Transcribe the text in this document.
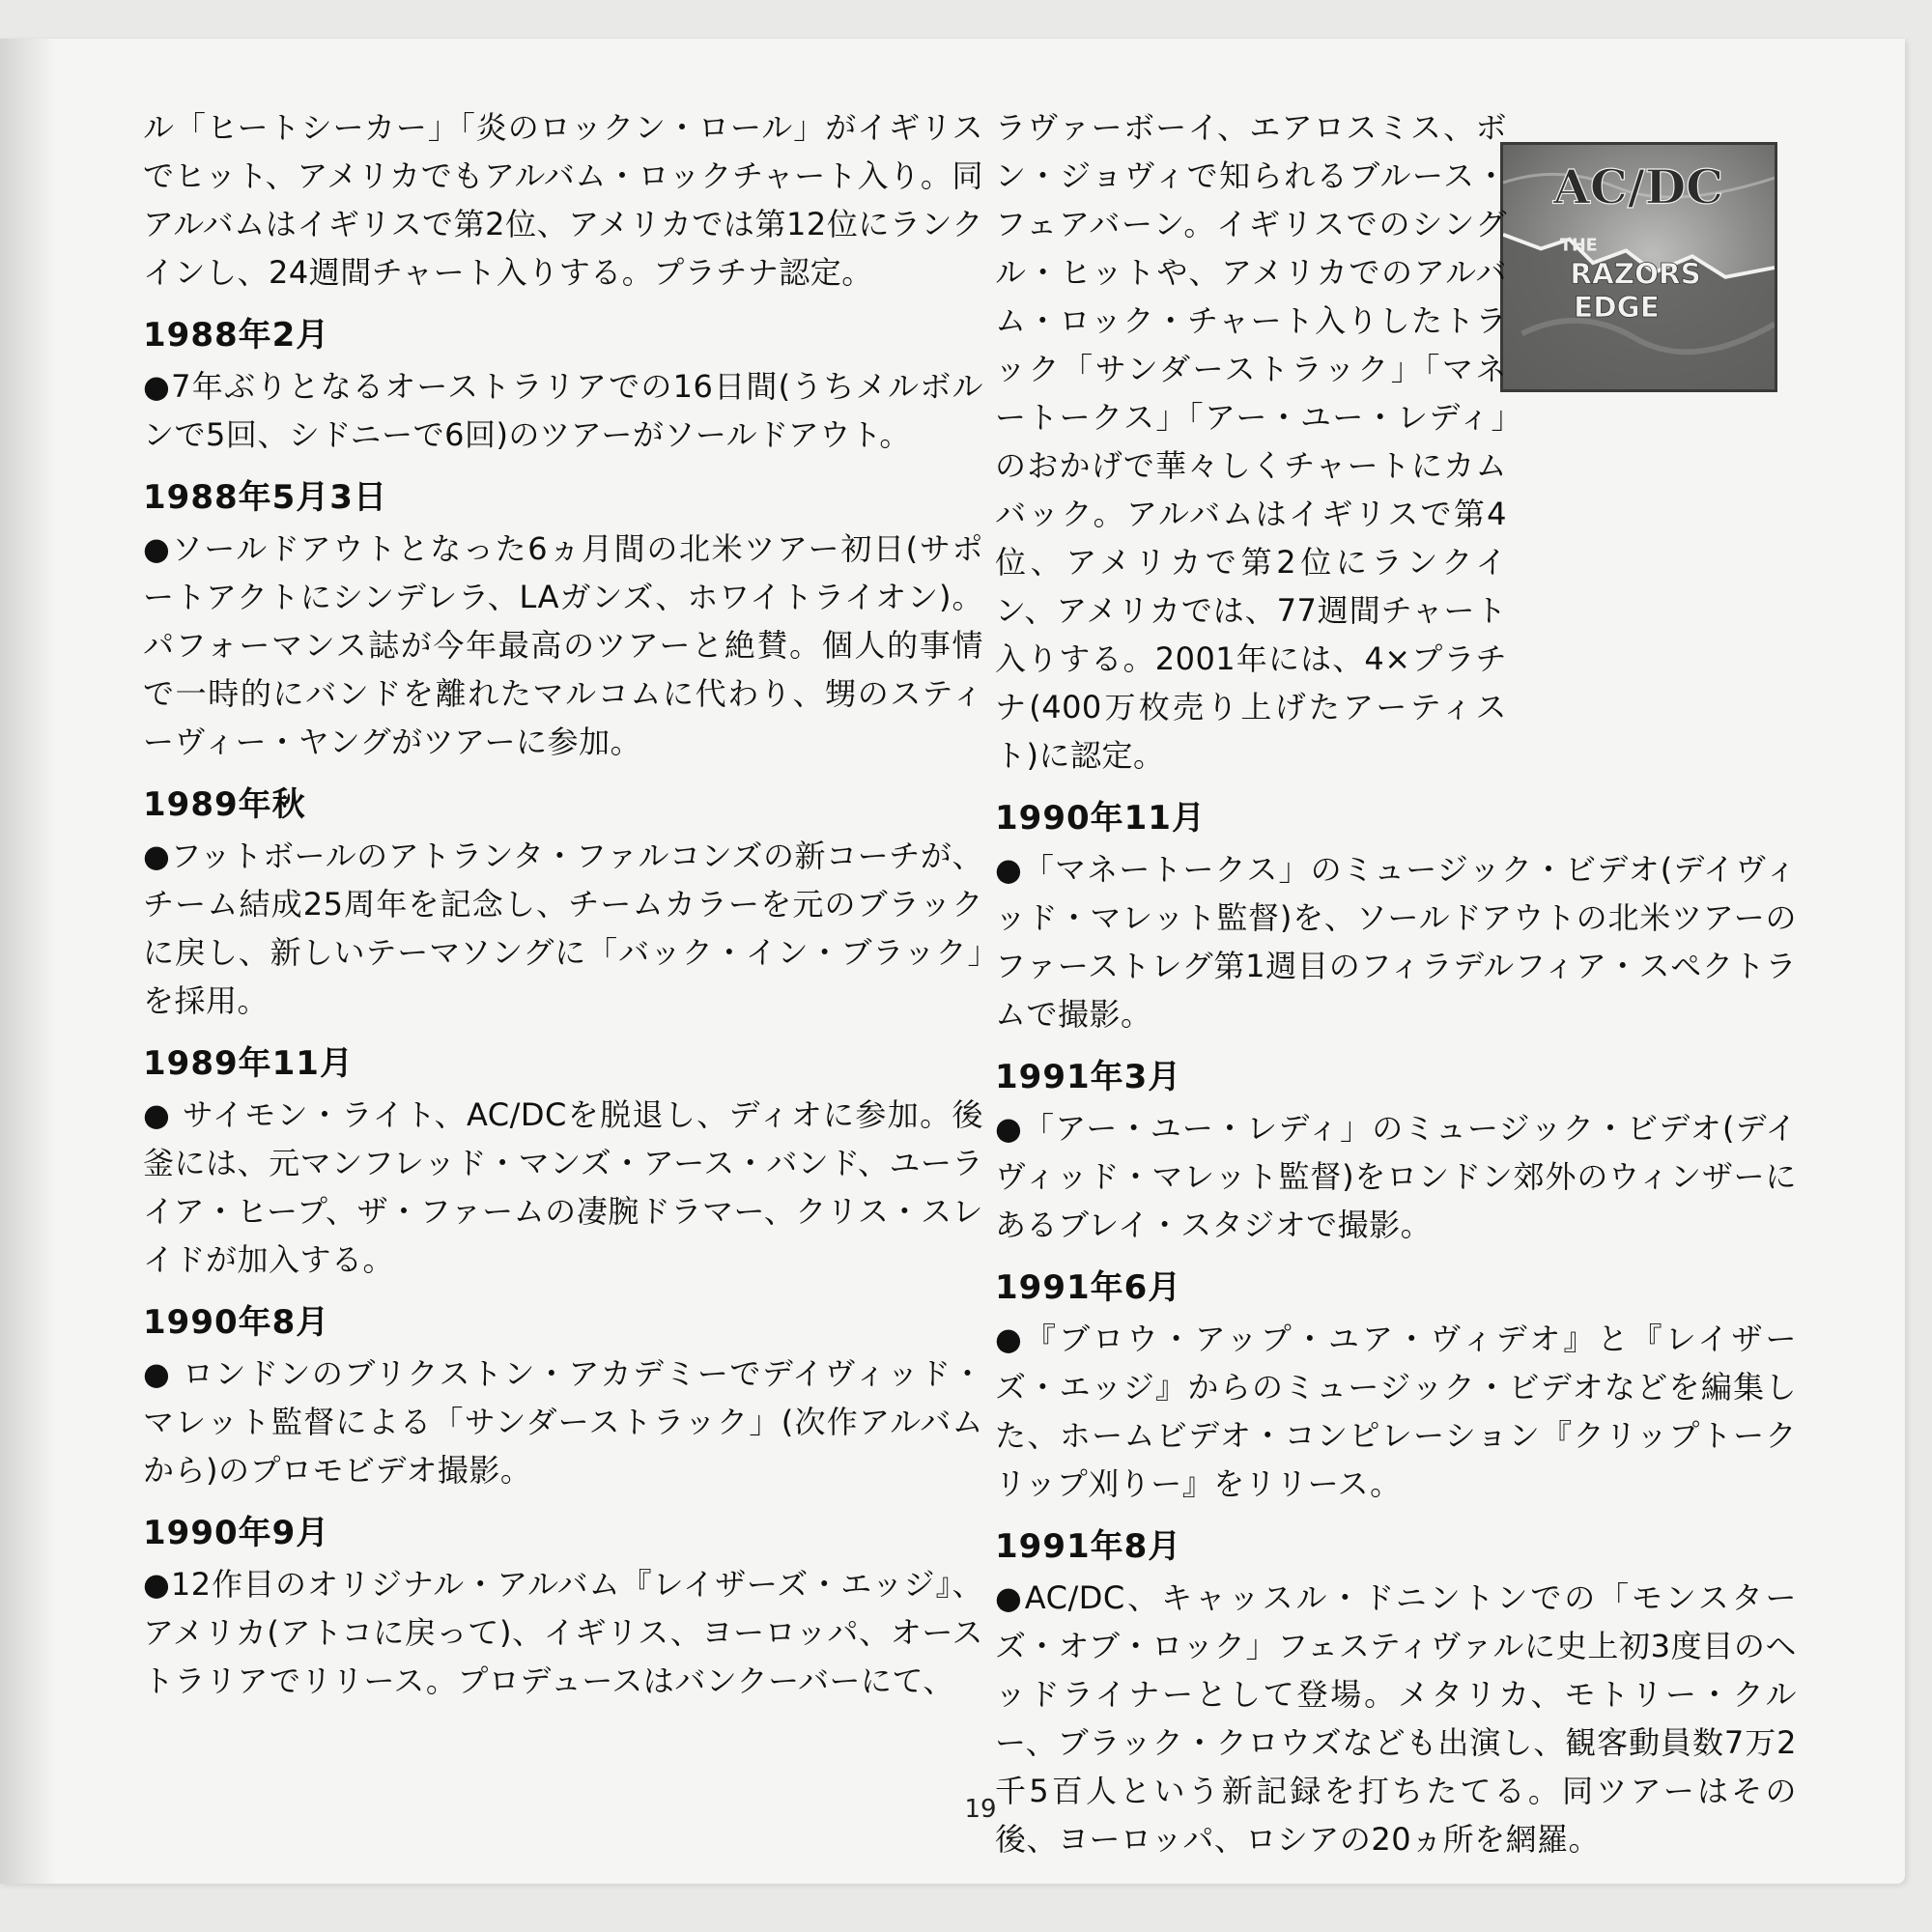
ル「ヒートシーカー」「炎のロックン・ロール」がイギリスでヒット、アメリカでもアルバム・ロックチャート入り。同アルバムはイギリスで第2位、アメリカでは第12位にランクインし、24週間チャート入りする。プラチナ認定。

1988年2月

●7年ぶりとなるオーストラリアでの16日間(うちメルボルンで5回、シドニーで6回)のツアーがソールドアウト。

1988年5月3日

●ソールドアウトとなった6ヵ月間の北米ツアー初日(サポートアクトにシンデレラ、LAガンズ、ホワイトライオン)。パフォーマンス誌が今年最高のツアーと絶賛。個人的事情で一時的にバンドを離れたマルコムに代わり、甥のスティーヴィー・ヤングがツアーに参加。

1989年秋

●フットボールのアトランタ・ファルコンズの新コーチが、チーム結成25周年を記念し、チームカラーを元のブラックに戻し、新しいテーマソングに「バック・イン・ブラック」を採用。

1989年11月

● サイモン・ライト、AC/DCを脱退し、ディオに参加。後釜には、元マンフレッド・マンズ・アース・バンド、ユーライア・ヒープ、ザ・ファームの凄腕ドラマー、クリス・スレイドが加入する。

1990年8月

● ロンドンのブリクストン・アカデミーでデイヴィッド・マレット監督による「サンダーストラック」(次作アルバムから)のプロモビデオ撮影。

1990年9月

●12作目のオリジナル・アルバム『レイザーズ・エッジ』、アメリカ(アトコに戻って)、イギリス、ヨーロッパ、オーストラリアでリリース。プロデュースはバンクーバーにて、

AC/DC
THE
RAZORS
EDGE

ラヴァーボーイ、エアロスミス、ボン・ジョヴィで知られるブルース・フェアバーン。イギリスでのシングル・ヒットや、アメリカでのアルバム・ロック・チャート入りしたトラック「サンダーストラック」「マネートークス」「アー・ユー・レディ」のおかげで華々しくチャートにカムバック。アルバムはイギリスで第4位、アメリカで第2位にランクイン、アメリカでは、77週間チャート入りする。2001年には、4×プラチナ(400万枚売り上げたアーティスト)に認定。

1990年11月

●「マネートークス」のミュージック・ビデオ(デイヴィッド・マレット監督)を、ソールドアウトの北米ツアーのファーストレグ第1週目のフィラデルフィア・スペクトラムで撮影。

1991年3月

●「アー・ユー・レディ」のミュージック・ビデオ(デイヴィッド・マレット監督)をロンドン郊外のウィンザーにあるブレイ・スタジオで撮影。

1991年6月

●『ブロウ・アップ・ユア・ヴィデオ』と『レイザーズ・エッジ』からのミュージック・ビデオなどを編集した、ホームビデオ・コンピレーション『クリップトークリップ刈りー』をリリース。

1991年8月

●AC/DC、キャッスル・ドニントンでの「モンスターズ・オブ・ロック」フェスティヴァルに史上初3度目のヘッドライナーとして登場。メタリカ、モトリー・クルー、ブラック・クロウズなども出演し、観客動員数7万2千5百人という新記録を打ちたてる。同ツアーはその後、ヨーロッパ、ロシアの20ヵ所を網羅。

19
